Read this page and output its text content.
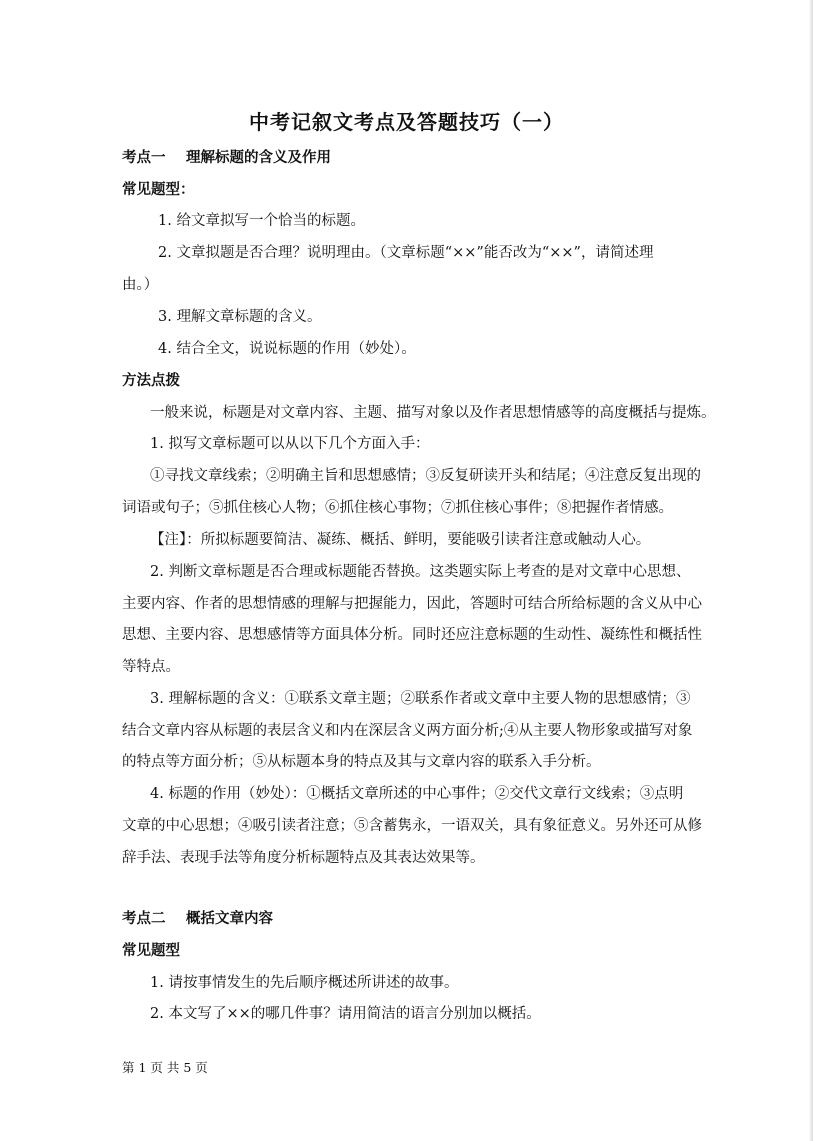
中考记叙文考点及答题技巧（一）
考点一 理解标题的含义及作用
常见题型：
1. 给文章拟写一个恰当的标题。
2. 文章拟题是否合理？说明理由。（文章标题“××”能否改为“××”，请简述理
由。）
3. 理解文章标题的含义。
4. 结合全文，说说标题的作用（妙处）。
方法点拨
一般来说，标题是对文章内容、主题、描写对象以及作者思想情感等的高度概括与提炼。
1. 拟写文章标题可以从以下几个方面入手：
①寻找文章线索；②明确主旨和思想感情；③反复研读开头和结尾；④注意反复出现的
词语或句子；⑤抓住核心人物；⑥抓住核心事物；⑦抓住核心事件；⑧把握作者情感。
【注】：所拟标题要简洁、凝练、概括、鲜明，要能吸引读者注意或触动人心。
2. 判断文章标题是否合理或标题能否替换。这类题实际上考查的是对文章中心思想、
主要内容、作者的思想情感的理解与把握能力，因此，答题时可结合所给标题的含义从中心
思想、主要内容、思想感情等方面具体分析。同时还应注意标题的生动性、凝练性和概括性
等特点。
3. 理解标题的含义：①联系文章主题；②联系作者或文章中主要人物的思想感情；③
结合文章内容从标题的表层含义和内在深层含义两方面分析;④从主要人物形象或描写对象
的特点等方面分析；⑤从标题本身的特点及其与文章内容的联系入手分析。
4. 标题的作用（妙处）：①概括文章所述的中心事件；②交代文章行文线索；③点明
文章的中心思想；④吸引读者注意；⑤含蓄隽永，一语双关，具有象征意义。另外还可从修
辞手法、表现手法等角度分析标题特点及其表达效果等。
考点二 概括文章内容
常见题型
1. 请按事情发生的先后顺序概述所讲述的故事。
2. 本文写了××的哪几件事？请用简洁的语言分别加以概括。
第 1 页 共 5 页
